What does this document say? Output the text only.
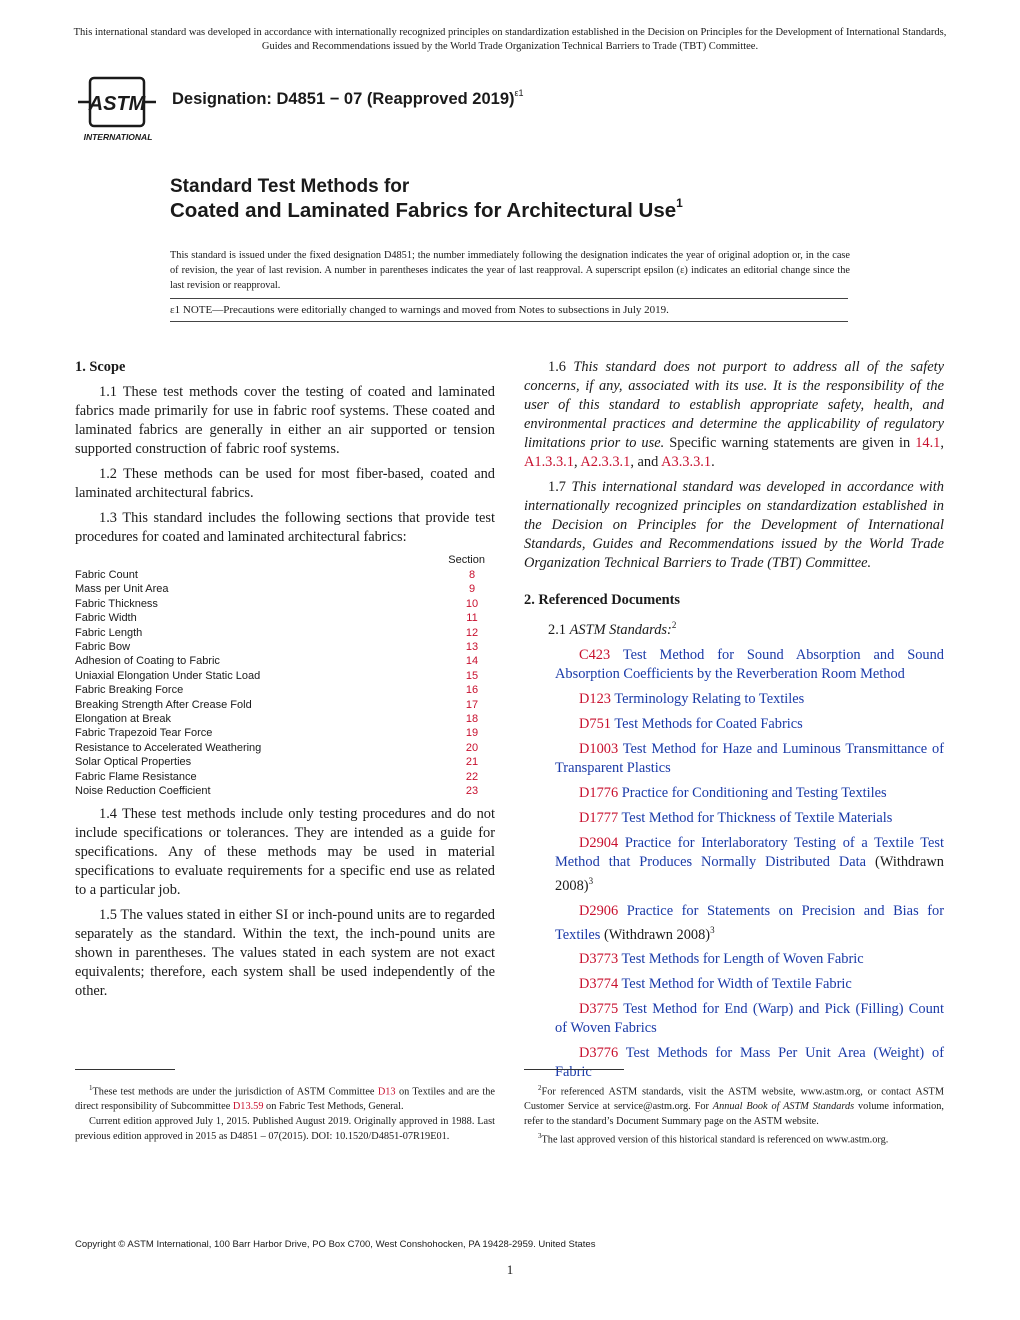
This international standard was developed in accordance with internationally recognized principles on standardization established in the Decision on Principles for the Development of International Standards, Guides and Recommendations issued by the World Trade Organization Technical Barriers to Trade (TBT) Committee.
ASTM
INTERNATIONAL
Designation: D4851 − 07 (Reapproved 2019)$^{\varepsilon 1}$
Standard Test Methods for
Coated and Laminated Fabrics for Architectural Use$^1$
This standard is issued under the fixed designation D4851; the number immediately following the designation indicates the year of original adoption or, in the case of revision, the year of last revision. A number in parentheses indicates the year of last reapproval. A superscript epsilon (ε) indicates an editorial change since the last revision or reapproval.
ε1 NOTE—Precautions were editorially changed to warnings and moved from Notes to subsections in July 2019.
1. Scope

1.1 These test methods cover the testing of coated and laminated fabrics made primarily for use in fabric roof systems. These coated and laminated fabrics are generally in either an air supported or tension supported construction of fabric roof systems.

1.2 These methods can be used for most fiber-based, coated and laminated architectural fabrics.

1.3 This standard includes the following sections that provide test procedures for coated and laminated architectural fabrics:

Section
Fabric Count	8
Mass per Unit Area	9
Fabric Thickness	10
Fabric Width	11
Fabric Length	12
Fabric Bow	13
Adhesion of Coating to Fabric	14
Uniaxial Elongation Under Static Load	15
Fabric Breaking Force	16
Breaking Strength After Crease Fold	17
Elongation at Break	18
Fabric Trapezoid Tear Force	19
Resistance to Accelerated Weathering	20
Solar Optical Properties	21
Fabric Flame Resistance	22
Noise Reduction Coefficient	23

1.4 These test methods include only testing procedures and do not include specifications or tolerances. They are intended as a guide for specifications. Any of these methods may be used in material specifications to evaluate requirements for a specific end use as related to a particular job.

1.5 The values stated in either SI or inch-pound units are to regarded separately as the standard. Within the text, the inch-pound units are shown in parentheses. The values stated in each system are not exact equivalents; therefore, each system shall be used independently of the other.

1.6 This standard does not purport to address all of the safety concerns, if any, associated with its use. It is the responsibility of the user of this standard to establish appropriate safety, health, and environmental practices and determine the applicability of regulatory limitations prior to use. Specific warning statements are given in 14.1, A1.3.3.1, A2.3.3.1, and A3.3.3.1.

1.7 This international standard was developed in accordance with internationally recognized principles on standardization established in the Decision on Principles for the Development of International Standards, Guides and Recommendations issued by the World Trade Organization Technical Barriers to Trade (TBT) Committee.

2. Referenced Documents

2.1 ASTM Standards:$^2$

C423 Test Method for Sound Absorption and Sound Absorption Coefficients by the Reverberation Room Method

D123 Terminology Relating to Textiles

D751 Test Methods for Coated Fabrics

D1003 Test Method for Haze and Luminous Transmittance of Transparent Plastics

D1776 Practice for Conditioning and Testing Textiles

D1777 Test Method for Thickness of Textile Materials

D2904 Practice for Interlaboratory Testing of a Textile Test Method that Produces Normally Distributed Data (Withdrawn 2008)$^3$

D2906 Practice for Statements on Precision and Bias for Textiles (Withdrawn 2008)$^3$

D3773 Test Methods for Length of Woven Fabric

D3774 Test Method for Width of Textile Fabric

D3775 Test Method for End (Warp) and Pick (Filling) Count of Woven Fabrics

D3776 Test Methods for Mass Per Unit Area (Weight) of Fabric

$^1$These test methods are under the jurisdiction of ASTM Committee D13 on Textiles and are the direct responsibility of Subcommittee D13.59 on Fabric Test Methods, General.

Current edition approved July 1, 2015. Published August 2019. Originally approved in 1988. Last previous edition approved in 2015 as D4851 – 07(2015). DOI: 10.1520/D4851-07R19E01.

$^2$For referenced ASTM standards, visit the ASTM website, www.astm.org, or contact ASTM Customer Service at service@astm.org. For Annual Book of ASTM Standards volume information, refer to the standard’s Document Summary page on the ASTM website.

$^3$The last approved version of this historical standard is referenced on www.astm.org.

Copyright © ASTM International, 100 Barr Harbor Drive, PO Box C700, West Conshohocken, PA 19428-2959. United States
1
